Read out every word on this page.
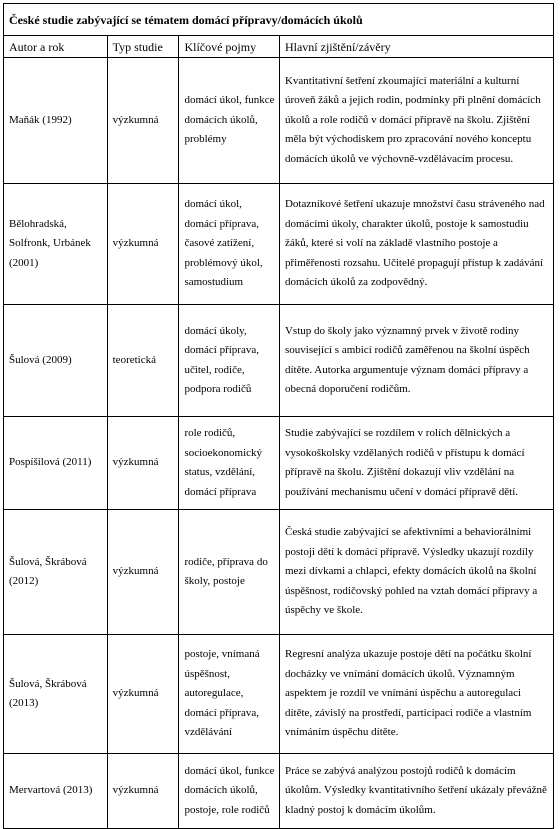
České studie zabývající se tématem domácí přípravy/domácích úkolů			
Autor a rok	Typ studie	Klíčové pojmy	Hlavní zjištění/závěry
Maňák (1992)	výzkumná	domácí úkol, funkce domácích úkolů, problémy	Kvantitativní šetření zkoumající materiální a kulturní úroveň žáků a jejich rodin, podmínky při plnění domácích úkolů a role rodičů v domácí přípravě na školu. Zjištění měla být východiskem pro zpracování nového konceptu domácích úkolů ve výchovně-vzdělávacím procesu.
Bělohradská, Solfronk, Urbánek (2001)	výzkumná	domácí úkol, domácí příprava, časové zatížení, problémový úkol, samostudium	Dotazníkové šetření ukazuje množství času stráveného nad domácími úkoly, charakter úkolů, postoje k samostudiu žáků, které si volí na základě vlastního postoje a přiměřenosti rozsahu. Učitelé propagují přístup k zadávání domácích úkolů za zodpovědný.
Šulová (2009)	teoretická	domácí úkoly, domácí příprava, učitel, rodiče, podpora rodičů	Vstup do školy jako významný prvek v životě rodiny související s ambicí rodičů zaměřenou na školní úspěch dítěte. Autorka argumentuje význam domácí přípravy a obecná doporučení rodičům.
Pospíšilová (2011)	výzkumná	role rodičů, socioekonomický status, vzdělání, domácí příprava	Studie zabývající se rozdílem v rolích dělnických a vysokoškolsky vzdělaných rodičů v přístupu k domácí přípravě na školu. Zjištění dokazují vliv vzdělání na používání mechanismu učení v domácí přípravě dětí.
Šulová, Škrábová (2012)	výzkumná	rodiče, příprava do školy, postoje	Česká studie zabývající se afektivními a behaviorálními postoji dětí k domácí přípravě. Výsledky ukazují rozdíly mezi dívkami a chlapci, efekty domácích úkolů na školní úspěšnost, rodičovský pohled na vztah domácí přípravy a úspěchy ve škole.
Šulová, Škrábová (2013)	výzkumná	postoje, vnímaná úspěšnost, autoregulace, domácí příprava, vzdělávání	Regresní analýza ukazuje postoje dětí na počátku školní docházky ve vnímání domácích úkolů. Významným aspektem je rozdíl ve vnímání úspěchu a autoregulaci dítěte, závislý na prostředí, participaci rodiče a vlastním vnímáním úspěchu dítěte.
Mervartová (2013)	výzkumná	domácí úkol, funkce domácích úkolů, postoje, role rodičů	Práce se zabývá analýzou postojů rodičů k domácím úkolům. Výsledky kvantitativního šetření ukázaly převážně kladný postoj k domácím úkolům.
